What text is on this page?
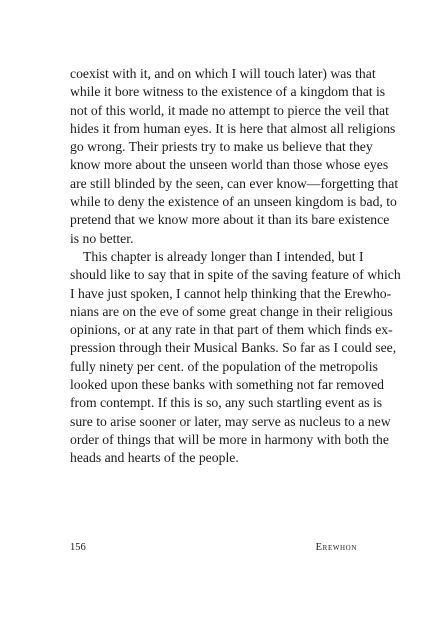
coexist with it, and on which I will touch later) was that
while it bore witness to the existence of a kingdom that is
not of this world, it made no attempt to pierce the veil that
hides it from human eyes. It is here that almost all religions
go wrong. Their priests try to make us believe that they
know more about the unseen world than those whose eyes
are still blinded by the seen, can ever know—forgetting that
while to deny the existence of an unseen kingdom is bad, to
pretend that we know more about it than its bare existence
is no better.
This chapter is already longer than I intended, but I
should like to say that in spite of the saving feature of which
I have just spoken, I cannot help thinking that the Erewho-
nians are on the eve of some great change in their religious
opinions, or at any rate in that part of them which finds ex-
pression through their Musical Banks. So far as I could see,
fully ninety per cent. of the population of the metropolis
looked upon these banks with something not far removed
from contempt. If this is so, any such startling event as is
sure to arise sooner or later, may serve as nucleus to a new
order of things that will be more in harmony with both the
heads and hearts of the people.
156	Erewhon
